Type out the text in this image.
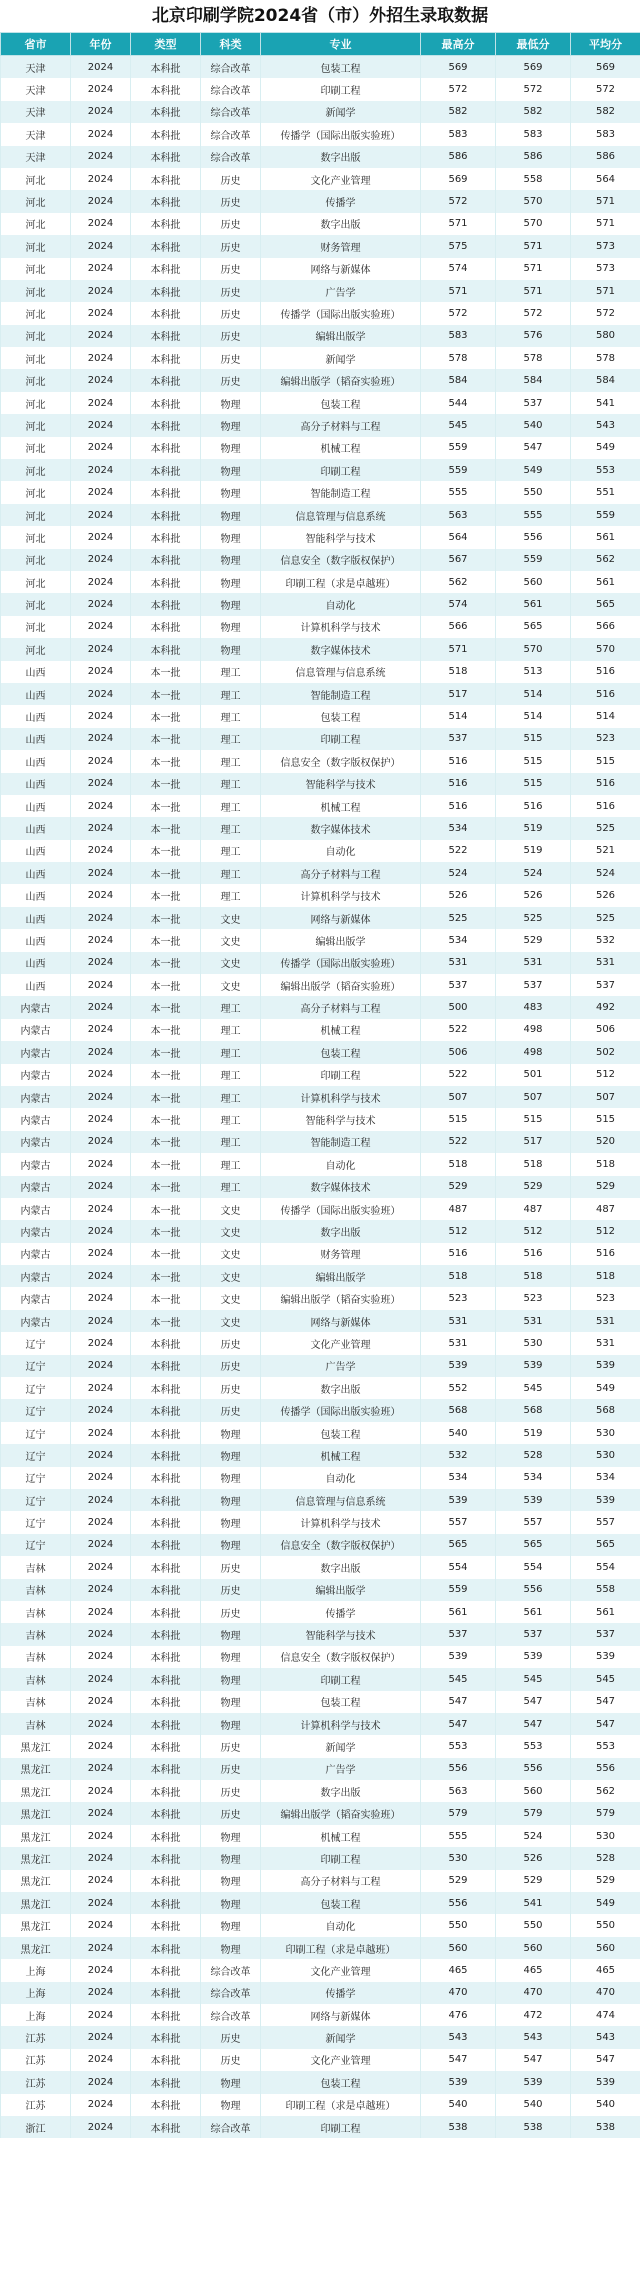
北京印刷学院2024省（市）外招生录取数据
省市	年份	类型	科类	专业	最高分	最低分	平均分
天津	2024	本科批	综合改革	包装工程	569	569	569
天津	2024	本科批	综合改革	印刷工程	572	572	572
天津	2024	本科批	综合改革	新闻学	582	582	582
天津	2024	本科批	综合改革	传播学（国际出版实验班）	583	583	583
天津	2024	本科批	综合改革	数字出版	586	586	586
河北	2024	本科批	历史	文化产业管理	569	558	564
河北	2024	本科批	历史	传播学	572	570	571
河北	2024	本科批	历史	数字出版	571	570	571
河北	2024	本科批	历史	财务管理	575	571	573
河北	2024	本科批	历史	网络与新媒体	574	571	573
河北	2024	本科批	历史	广告学	571	571	571
河北	2024	本科批	历史	传播学（国际出版实验班）	572	572	572
河北	2024	本科批	历史	编辑出版学	583	576	580
河北	2024	本科批	历史	新闻学	578	578	578
河北	2024	本科批	历史	编辑出版学（韬奋实验班）	584	584	584
河北	2024	本科批	物理	包装工程	544	537	541
河北	2024	本科批	物理	高分子材料与工程	545	540	543
河北	2024	本科批	物理	机械工程	559	547	549
河北	2024	本科批	物理	印刷工程	559	549	553
河北	2024	本科批	物理	智能制造工程	555	550	551
河北	2024	本科批	物理	信息管理与信息系统	563	555	559
河北	2024	本科批	物理	智能科学与技术	564	556	561
河北	2024	本科批	物理	信息安全（数字版权保护）	567	559	562
河北	2024	本科批	物理	印刷工程（求是卓越班）	562	560	561
河北	2024	本科批	物理	自动化	574	561	565
河北	2024	本科批	物理	计算机科学与技术	566	565	566
河北	2024	本科批	物理	数字媒体技术	571	570	570
山西	2024	本一批	理工	信息管理与信息系统	518	513	516
山西	2024	本一批	理工	智能制造工程	517	514	516
山西	2024	本一批	理工	包装工程	514	514	514
山西	2024	本一批	理工	印刷工程	537	515	523
山西	2024	本一批	理工	信息安全（数字版权保护）	516	515	515
山西	2024	本一批	理工	智能科学与技术	516	515	516
山西	2024	本一批	理工	机械工程	516	516	516
山西	2024	本一批	理工	数字媒体技术	534	519	525
山西	2024	本一批	理工	自动化	522	519	521
山西	2024	本一批	理工	高分子材料与工程	524	524	524
山西	2024	本一批	理工	计算机科学与技术	526	526	526
山西	2024	本一批	文史	网络与新媒体	525	525	525
山西	2024	本一批	文史	编辑出版学	534	529	532
山西	2024	本一批	文史	传播学（国际出版实验班）	531	531	531
山西	2024	本一批	文史	编辑出版学（韬奋实验班）	537	537	537
内蒙古	2024	本一批	理工	高分子材料与工程	500	483	492
内蒙古	2024	本一批	理工	机械工程	522	498	506
内蒙古	2024	本一批	理工	包装工程	506	498	502
内蒙古	2024	本一批	理工	印刷工程	522	501	512
内蒙古	2024	本一批	理工	计算机科学与技术	507	507	507
内蒙古	2024	本一批	理工	智能科学与技术	515	515	515
内蒙古	2024	本一批	理工	智能制造工程	522	517	520
内蒙古	2024	本一批	理工	自动化	518	518	518
内蒙古	2024	本一批	理工	数字媒体技术	529	529	529
内蒙古	2024	本一批	文史	传播学（国际出版实验班）	487	487	487
内蒙古	2024	本一批	文史	数字出版	512	512	512
内蒙古	2024	本一批	文史	财务管理	516	516	516
内蒙古	2024	本一批	文史	编辑出版学	518	518	518
内蒙古	2024	本一批	文史	编辑出版学（韬奋实验班）	523	523	523
内蒙古	2024	本一批	文史	网络与新媒体	531	531	531
辽宁	2024	本科批	历史	文化产业管理	531	530	531
辽宁	2024	本科批	历史	广告学	539	539	539
辽宁	2024	本科批	历史	数字出版	552	545	549
辽宁	2024	本科批	历史	传播学（国际出版实验班）	568	568	568
辽宁	2024	本科批	物理	包装工程	540	519	530
辽宁	2024	本科批	物理	机械工程	532	528	530
辽宁	2024	本科批	物理	自动化	534	534	534
辽宁	2024	本科批	物理	信息管理与信息系统	539	539	539
辽宁	2024	本科批	物理	计算机科学与技术	557	557	557
辽宁	2024	本科批	物理	信息安全（数字版权保护）	565	565	565
吉林	2024	本科批	历史	数字出版	554	554	554
吉林	2024	本科批	历史	编辑出版学	559	556	558
吉林	2024	本科批	历史	传播学	561	561	561
吉林	2024	本科批	物理	智能科学与技术	537	537	537
吉林	2024	本科批	物理	信息安全（数字版权保护）	539	539	539
吉林	2024	本科批	物理	印刷工程	545	545	545
吉林	2024	本科批	物理	包装工程	547	547	547
吉林	2024	本科批	物理	计算机科学与技术	547	547	547
黑龙江	2024	本科批	历史	新闻学	553	553	553
黑龙江	2024	本科批	历史	广告学	556	556	556
黑龙江	2024	本科批	历史	数字出版	563	560	562
黑龙江	2024	本科批	历史	编辑出版学（韬奋实验班）	579	579	579
黑龙江	2024	本科批	物理	机械工程	555	524	530
黑龙江	2024	本科批	物理	印刷工程	530	526	528
黑龙江	2024	本科批	物理	高分子材料与工程	529	529	529
黑龙江	2024	本科批	物理	包装工程	556	541	549
黑龙江	2024	本科批	物理	自动化	550	550	550
黑龙江	2024	本科批	物理	印刷工程（求是卓越班）	560	560	560
上海	2024	本科批	综合改革	文化产业管理	465	465	465
上海	2024	本科批	综合改革	传播学	470	470	470
上海	2024	本科批	综合改革	网络与新媒体	476	472	474
江苏	2024	本科批	历史	新闻学	543	543	543
江苏	2024	本科批	历史	文化产业管理	547	547	547
江苏	2024	本科批	物理	包装工程	539	539	539
江苏	2024	本科批	物理	印刷工程（求是卓越班）	540	540	540
浙江	2024	本科批	综合改革	印刷工程	538	538	538
